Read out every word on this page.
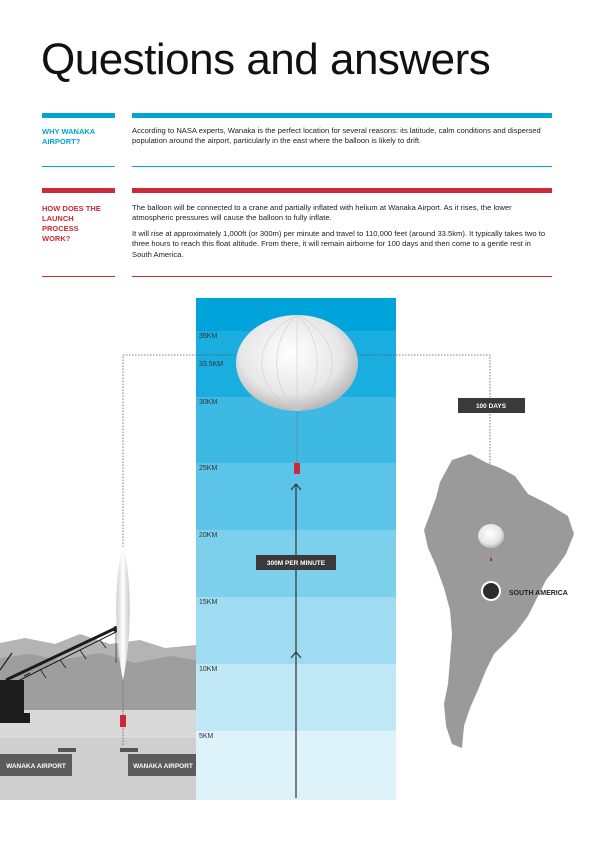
Questions and answers
WHY WANAKA AIRPORT?

According to NASA experts, Wanaka is the perfect location for several reasons: its latitude, calm conditions and dispersed population around the airport, particularly in the east where the balloon is likely to drift.

HOW DOES THE LAUNCH PROCESS WORK?

The balloon will be connected to a crane and partially inflated with helium at Wanaka Airport. As it rises, the lower atmospheric pressures will cause the balloon to fully inflate.

It will rise at approximately 1,000ft (or 300m) per minute and travel to 110,000 feet (around 33.5km). It typically takes two to three hours to reach this float altitude. From there, it will remain airborne for 100 days and then come to a gentle rest in South America.

35KM
33.5KM
30KM
25KM
20KM
15KM
10KM
5KM
100 DAYS
SOUTH AMERICA
WANAKA AIRPORT	WANAKA AIRPORT
300M PER MINUTE
